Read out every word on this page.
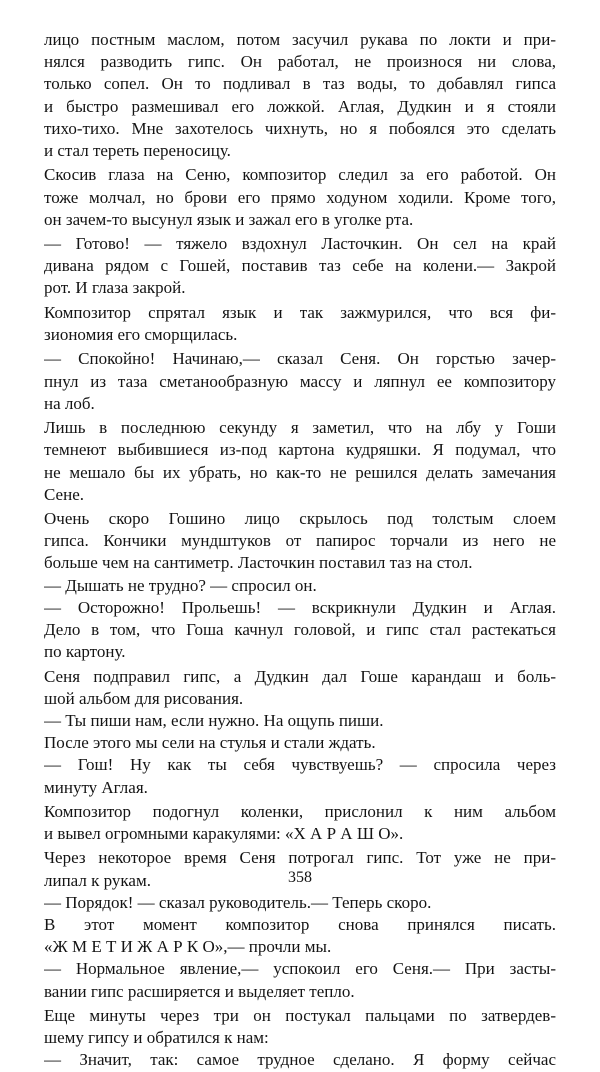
лицо постным маслом, потом засучил рукава по локти и при-
нялся разводить гипс. Он работал, не произнося ни слова,
только сопел. Он то подливал в таз воды, то добавлял гипса
и быстро размешивал его ложкой. Аглая, Дудкин и я стояли
тихо-тихо. Мне захотелось чихнуть, но я побоялся это сделать
и стал тереть переносицу.
Скосив глаза на Сеню, композитор следил за его работой. Он
тоже молчал, но брови его прямо ходуном ходили. Кроме того,
он зачем-то высунул язык и зажал его в уголке рта.
— Готово! — тяжело вздохнул Ласточкин. Он сел на край
дивана рядом с Гошей, поставив таз себе на колени.— Закрой
рот. И глаза закрой.
Композитор спрятал язык и так зажмурился, что вся фи-
зиономия его сморщилась.
— Спокойно! Начинаю,— сказал Сеня. Он горстью зачер-
пнул из таза сметанообразную массу и ляпнул ее композитору
на лоб.
Лишь в последнюю секунду я заметил, что на лбу у Гоши
темнеют выбившиеся из-под картона кудряшки. Я подумал, что
не мешало бы их убрать, но как-то не решился делать замечания
Сене.
Очень скоро Гошино лицо скрылось под толстым слоем
гипса. Кончики мундштуков от папирос торчали из него не
больше чем на сантиметр. Ласточкин поставил таз на стол.
— Дышать не трудно? — спросил он.
— Осторожно! Прольешь! — вскрикнули Дудкин и Аглая.
Дело в том, что Гоша качнул головой, и гипс стал растекаться
по картону.
Сеня подправил гипс, а Дудкин дал Гоше карандаш и боль-
шой альбом для рисования.
— Ты пиши нам, если нужно. На ощупь пиши.
После этого мы сели на стулья и стали ждать.
— Гош! Ну как ты себя чувствуешь? — спросила через
минуту Аглая.
Композитор подогнул коленки, прислонил к ним альбом
и вывел огромными каракулями: «Х А Р А Ш О».
Через некоторое время Сеня потрогал гипс. Тот уже не при-
липал к рукам.
— Порядок! — сказал руководитель.— Теперь скоро.
В этот момент композитор снова принялся писать.
«Ж М Е Т И Ж А Р К О»,— прочли мы.
— Нормальное явление,— успокоил его Сеня.— При засты-
вании гипс расширяется и выделяет тепло.
Еще минуты через три он постукал пальцами по затвердев-
шему гипсу и обратился к нам:
— Значит, так: самое трудное сделано. Я форму сейчас
358
